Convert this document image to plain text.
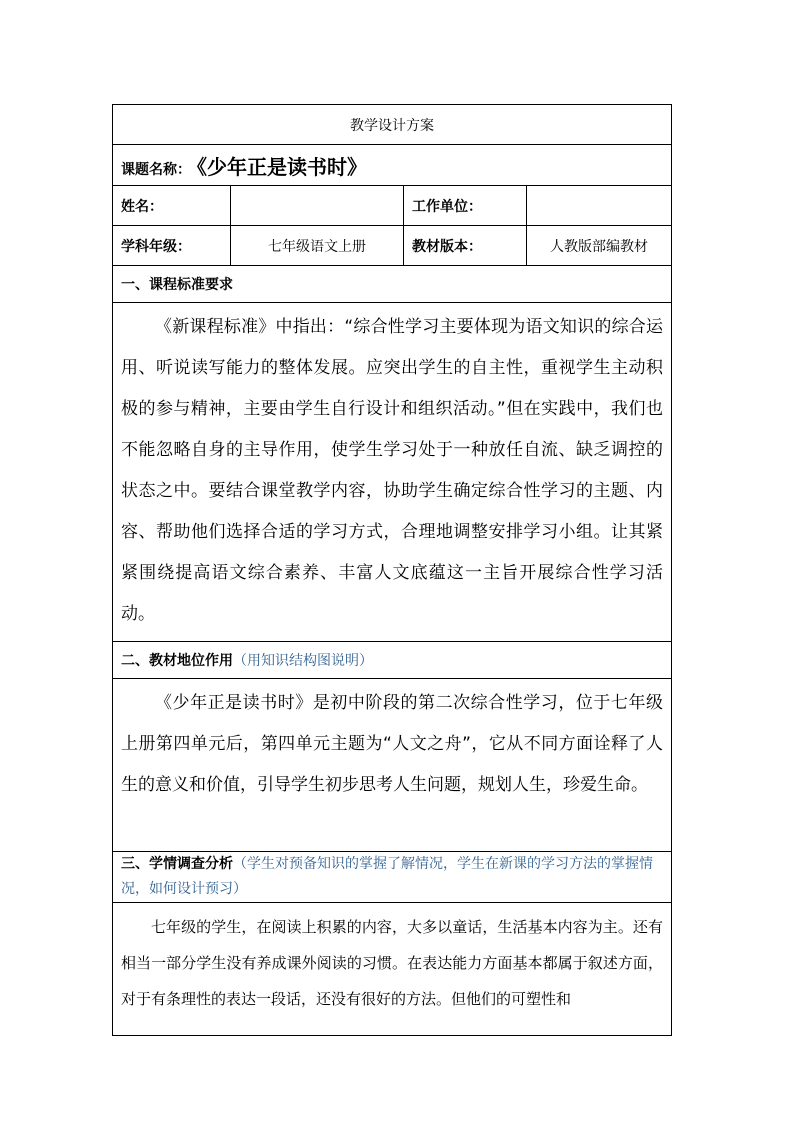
教学设计方案			
课题名称： 《少年正是读书时》			
姓名：		工作单位：	
学科年级：	七年级语文上册	教材版本：	人教版部编教材
一、课程标准要求			
《新课程标准》中指出：“综合性学习主要体现为语文知识的综合运用、听说读写能力的整体发展。应突出学生的自主性，重视学生主动积极的参与精神，主要由学生自行设计和组织活动。”但在实践中，我们也不能忽略自身的主导作用，使学生学习处于一种放任自流、缺乏调控的状态之中。要结合课堂教学内容，协助学生确定综合性学习的主题、内容、帮助他们选择合适的学习方式，合理地调整安排学习小组。让其紧紧围绕提高语文综合素养、丰富人文底蕴这一主旨开展综合性学习活动。			
二、教材地位作用（用知识结构图说明）			
《少年正是读书时》是初中阶段的第二次综合性学习，位于七年级上册第四单元后，第四单元主题为“人文之舟”，它从不同方面诠释了人生的意义和价值，引导学生初步思考人生问题，规划人生，珍爱生命。			
三、学情调查分析（学生对预备知识的掌握了解情况，学生在新课的学习方法的掌握情况，如何设计预习）			
七年级的学生，在阅读上积累的内容，大多以童话，生活基本内容为主。还有相当一部分学生没有养成课外阅读的习惯。在表达能力方面基本都属于叙述方面，对于有条理性的表达一段话，还没有很好的方法。但他们的可塑性和			
